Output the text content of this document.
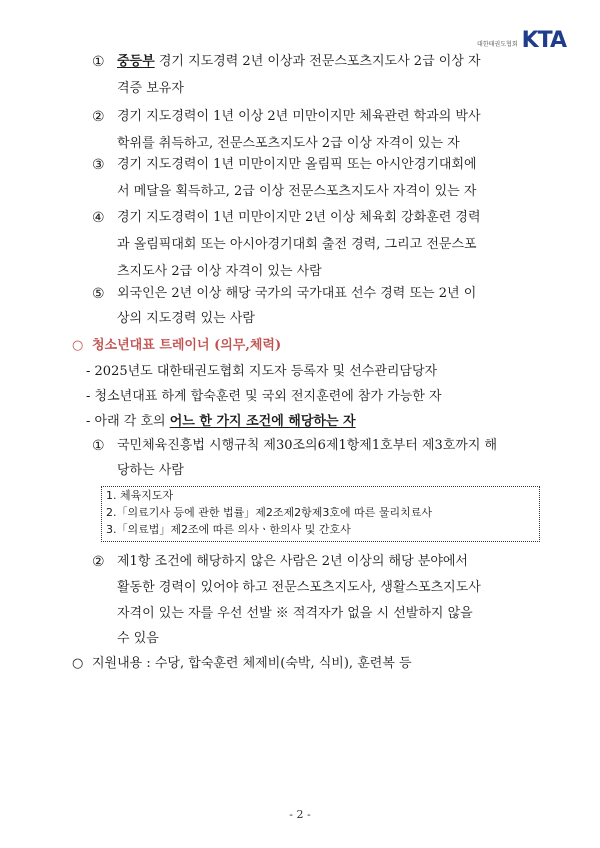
대한태권도협회 KTA
① 중등부 경기 지도경력 2년 이상과 전문스포츠지도사 2급 이상 자
격증 보유자
② 경기 지도경력이 1년 이상 2년 미만이지만 체육관련 학과의 박사
학위를 취득하고, 전문스포츠지도사 2급 이상 자격이 있는 자
③ 경기 지도경력이 1년 미만이지만 올림픽 또는 아시안경기대회에
서 메달을 획득하고, 2급 이상 전문스포츠지도사 자격이 있는 자
④ 경기 지도경력이 1년 미만이지만 2년 이상 체육회 강화훈련 경력
과 올림픽대회 또는 아시아경기대회 출전 경력, 그리고 전문스포
츠지도사 2급 이상 자격이 있는 사람
⑤ 외국인은 2년 이상 해당 국가의 국가대표 선수 경력 또는 2년 이
상의 지도경력 있는 사람
○ 청소년대표 트레이너 (의무,체력)
- 2025년도 대한태권도협회 지도자 등록자 및 선수관리담당자
- 청소년대표 하계 합숙훈련 및 국외 전지훈련에 참가 가능한 자
- 아래 각 호의 어느 한 가지 조건에 해당하는 자
① 국민체육진흥법 시행규칙 제30조의6제1항제1호부터 제3호까지 해
당하는 사람
1. 체육지도자
2.「의료기사 등에 관한 법률」제2조제2항제3호에 따른 물리치료사
3.「의료법」제2조에 따른 의사ㆍ한의사 및 간호사
② 제1항 조건에 해당하지 않은 사람은 2년 이상의 해당 분야에서
활동한 경력이 있어야 하고 전문스포츠지도사, 생활스포츠지도사
자격이 있는 자를 우선 선발 ※ 적격자가 없을 시 선발하지 않을
수 있음
○ 지원내용 : 수당, 합숙훈련 체제비(숙박, 식비), 훈련복 등
- 2 -
